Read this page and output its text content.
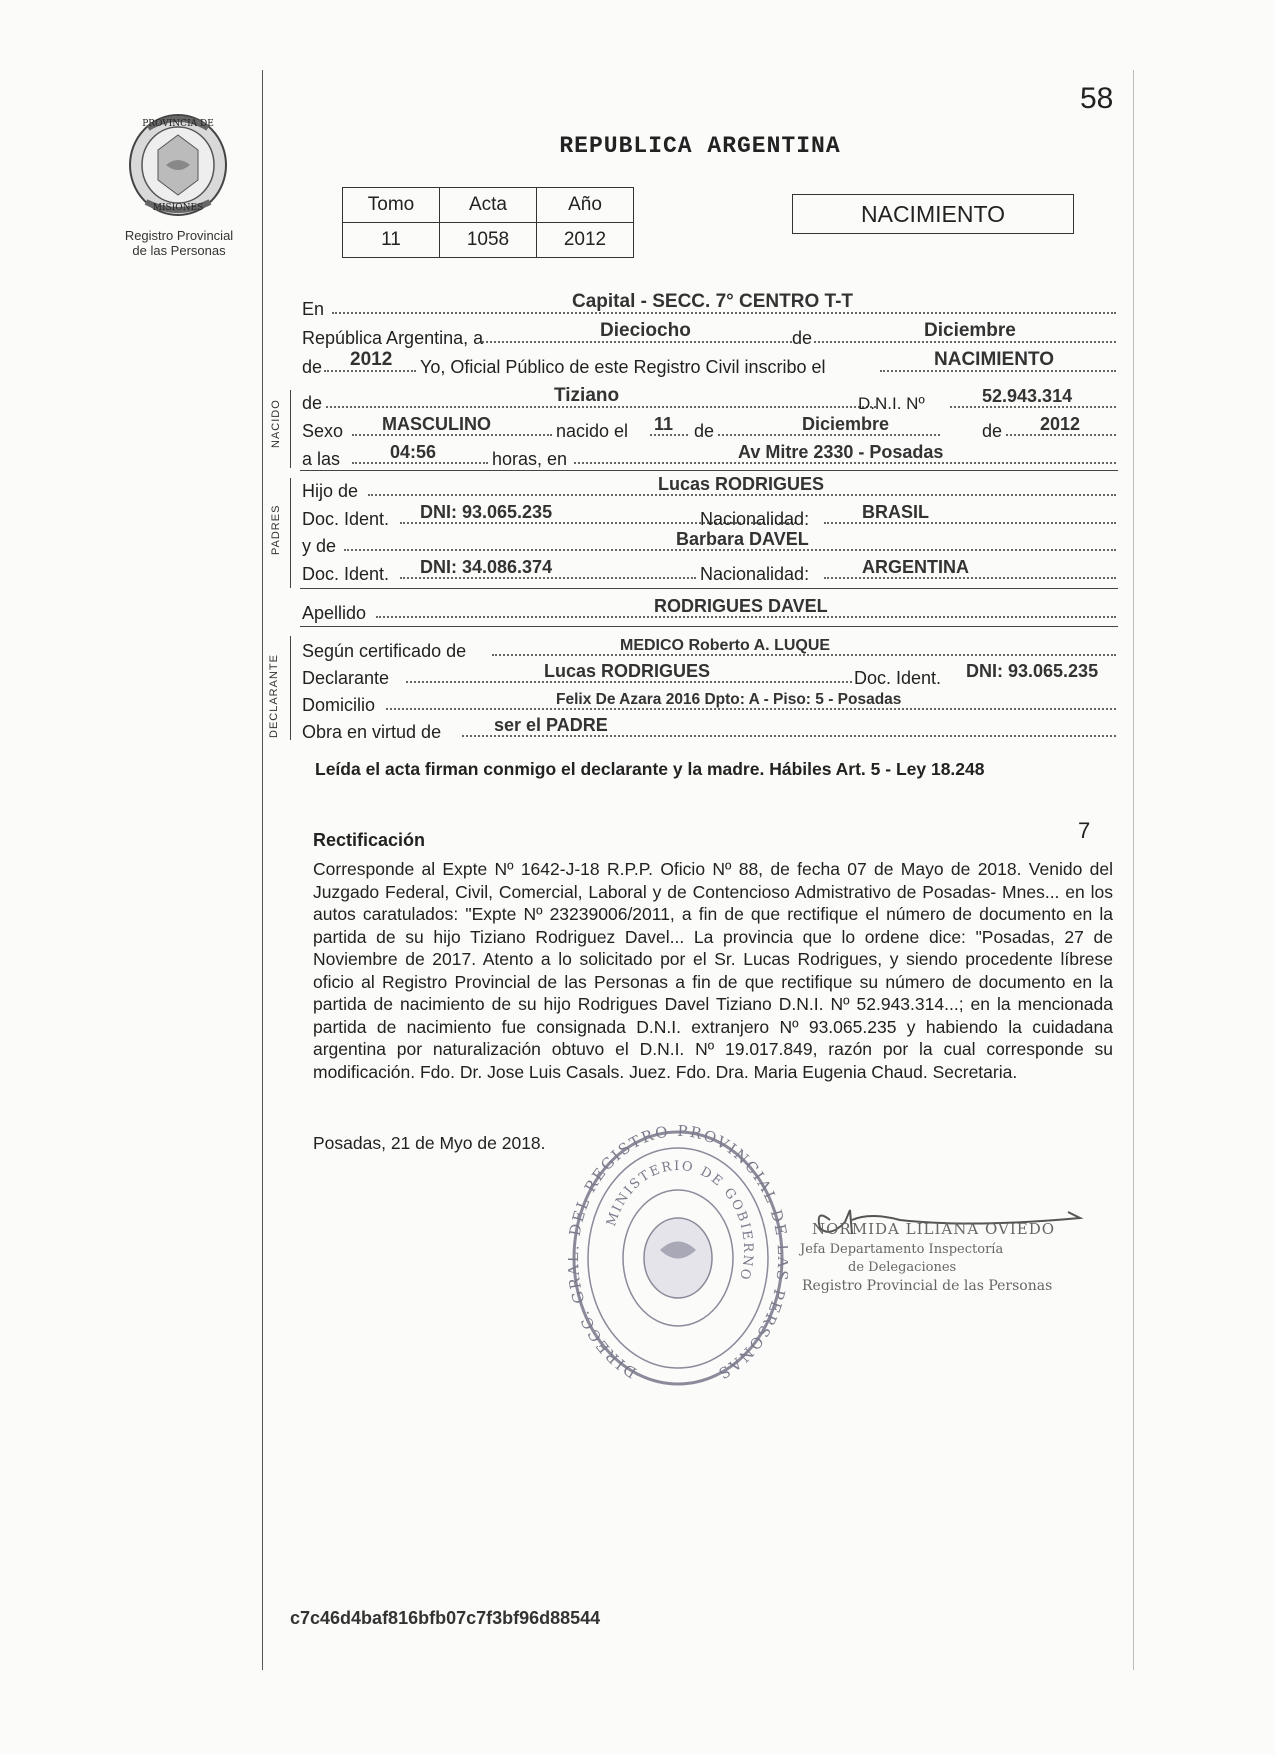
PROVINCIA DE
MISIONES
Registro Provincial
de las Personas
58
REPUBLICA ARGENTINA
Tomo	Acta	Año
11	1058	2012
NACIMIENTO
En	Capital - SECC. 7° CENTRO T-T
República Argentina, a	Dieciocho	de	Diciembre
de 2012 Yo, Oficial Público de este Registro Civil inscribo el	NACIMIENTO
NACIDO de	Tiziano	D.N.I. Nº	52.943.314
Sexo MASCULINO	nacido el 11 de	Diciembre	de 2012
a las	04:56	horas, en	Av Mitre 2330 - Posadas
PADRES
Hijo de	Lucas RODRIGUES
Doc. Ident. DNI: 93.065.235	Nacionalidad:	BRASIL
y de	Barbara DAVEL
Doc. Ident. DNI: 34.086.374	Nacionalidad:	ARGENTINA
Apellido	RODRIGUES DAVEL
DECLARANTE
Según certificado de	MEDICO Roberto A. LUQUE
Declarante	Lucas RODRIGUES	Doc. Ident. DNI: 93.065.235
Domicilio	Felix De Azara 2016 Dpto: A - Piso: 5 - Posadas
Obra en virtud de	ser el PADRE
Leída el acta firman conmigo el declarante y la madre. Hábiles Art. 5 - Ley 18.248
Rectificación	7
Corresponde al Expte Nº 1642-J-18 R.P.P. Oficio Nº 88, de fecha 07 de Mayo de 2018. Venido del Juzgado Federal, Civil, Comercial, Laboral y de Contencioso Admistrativo de Posadas- Mnes... en los autos caratulados: "Expte Nº 23239006/2011, a fin de que rectifique el número de documento en la partida de su hijo Tiziano Rodriguez Davel... La provincia que lo ordene dice: "Posadas, 27 de Noviembre de 2017. Atento a lo solicitado por el Sr. Lucas Rodrigues, y siendo procedente líbrese oficio al Registro Provincial de las Personas a fin de que rectifique su número de documento en la partida de nacimiento de su hijo Rodrigues Davel Tiziano D.N.I. Nº 52.943.314...; en la mencionada partida de nacimiento fue consignada D.N.I. extranjero Nº 93.065.235 y habiendo la cuidadana argentina por naturalización obtuvo el D.N.I. Nº 19.017.849, razón por la cual corresponde su modificación. Fdo. Dr. Jose Luis Casals. Juez. Fdo. Dra. Maria Eugenia Chaud. Secretaria.
Posadas, 21 de Myo de 2018.
DIRECC. G EL REGISTRO PROVINCIAL D PERSONAS
MINISTERIO DE GOBIERNO
NORMIDA LILIANA OVIEDO
Jefa Departamento Inspectoría
de Delegaciones
Registro Provincial de las Personas
c7c46d4baf816bfb07c7f3bf96d88544
